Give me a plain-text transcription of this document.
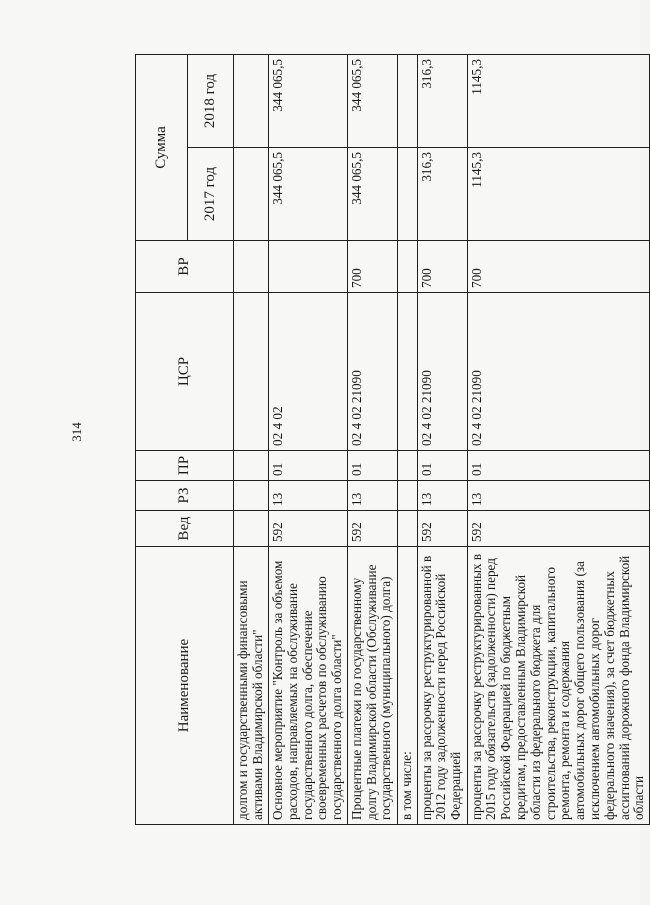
314
Наименование	Вед	РЗ	ПР	ЦСР	ВР	Сумма	
						2017 год	2018 год
долгом и государственными финансовыми активами Владимирской области"							
Основное мероприятие "Контроль за объемом расходов, направляемых на обслуживание государственного долга, обеспечение своевременных расчетов по обслуживанию государственного долга области"	592	13	01	02 4 02		344 065,5	344 065,5
Процентные платежи по государственному долгу Владимирской области (Обслуживание государственного (муниципального) долга)	592	13	01	02 4 02 21090	700	344 065,5	344 065,5
в том числе:							
проценты за рассрочку реструктурированной в 2012 году задолженности перед Российской Федерацией	592	13	01	02 4 02 21090	700	316,3	316,3
проценты за рассрочку реструктурированных в 2015 году обязательств (задолженности) перед Российской Федерацией по бюджетным кредитам, предоставленным Владимирской области из федерального бюджета для строительства, реконструкции, капитального ремонта, ремонта и содержания автомобильных дорог общего пользования (за исключением автомобильных дорог федерального значения), за счет бюджетных ассигнований дорожного фонда Владимирской области	592	13	01	02 4 02 21090	700	1145,3	1145,3
